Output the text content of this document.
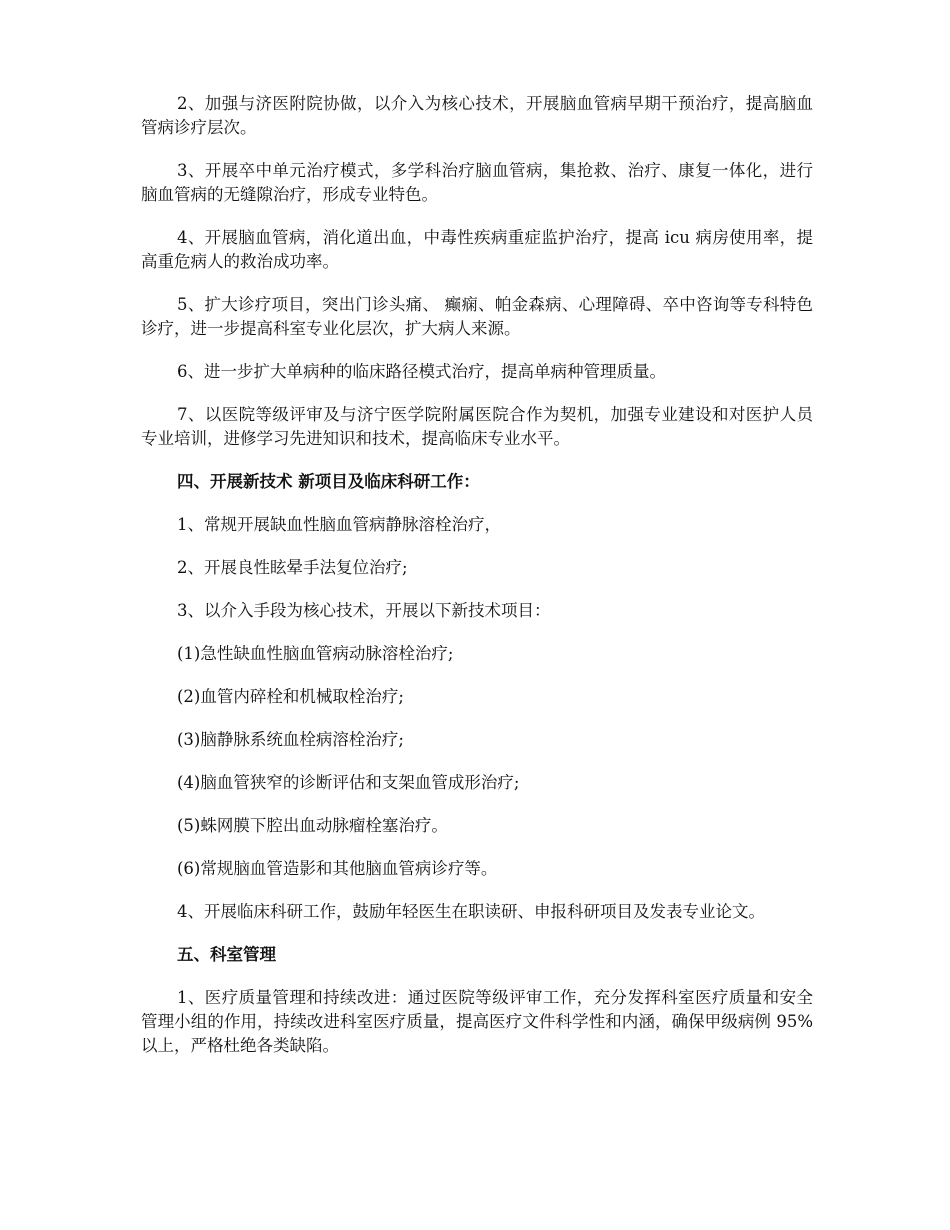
2、加强与济医附院协做，以介入为核心技术，开展脑血管病早期干预治疗，提高脑血管病诊疗层次。

3、开展卒中单元治疗模式，多学科治疗脑血管病，集抢救、治疗、康复一体化，进行脑血管病的无缝隙治疗，形成专业特色。

4、开展脑血管病，消化道出血，中毒性疾病重症监护治疗，提高 icu 病房使用率，提高重危病人的救治成功率。

5、扩大诊疗项目，突出门诊头痛、 癫痫、帕金森病、心理障碍、卒中咨询等专科特色诊疗，进一步提高科室专业化层次，扩大病人来源。

6、进一步扩大单病种的临床路径模式治疗，提高单病种管理质量。

7、以医院等级评审及与济宁医学院附属医院合作为契机，加强专业建设和对医护人员专业培训，进修学习先进知识和技术，提高临床专业水平。

四、开展新技术 新项目及临床科研工作：

1、常规开展缺血性脑血管病静脉溶栓治疗，

2、开展良性眩晕手法复位治疗;

3、以介入手段为核心技术，开展以下新技术项目：

(1)急性缺血性脑血管病动脉溶栓治疗;

(2)血管内碎栓和机械取栓治疗;

(3)脑静脉系统血栓病溶栓治疗;

(4)脑血管狭窄的诊断评估和支架血管成形治疗;

(5)蛛网膜下腔出血动脉瘤栓塞治疗。

(6)常规脑血管造影和其他脑血管病诊疗等。

4、开展临床科研工作，鼓励年轻医生在职读研、申报科研项目及发表专业论文。

五、科室管理

1、医疗质量管理和持续改进：通过医院等级评审工作，充分发挥科室医疗质量和安全管理小组的作用，持续改进科室医疗质量，提高医疗文件科学性和内涵，确保甲级病例 95%以上，严格杜绝各类缺陷。
